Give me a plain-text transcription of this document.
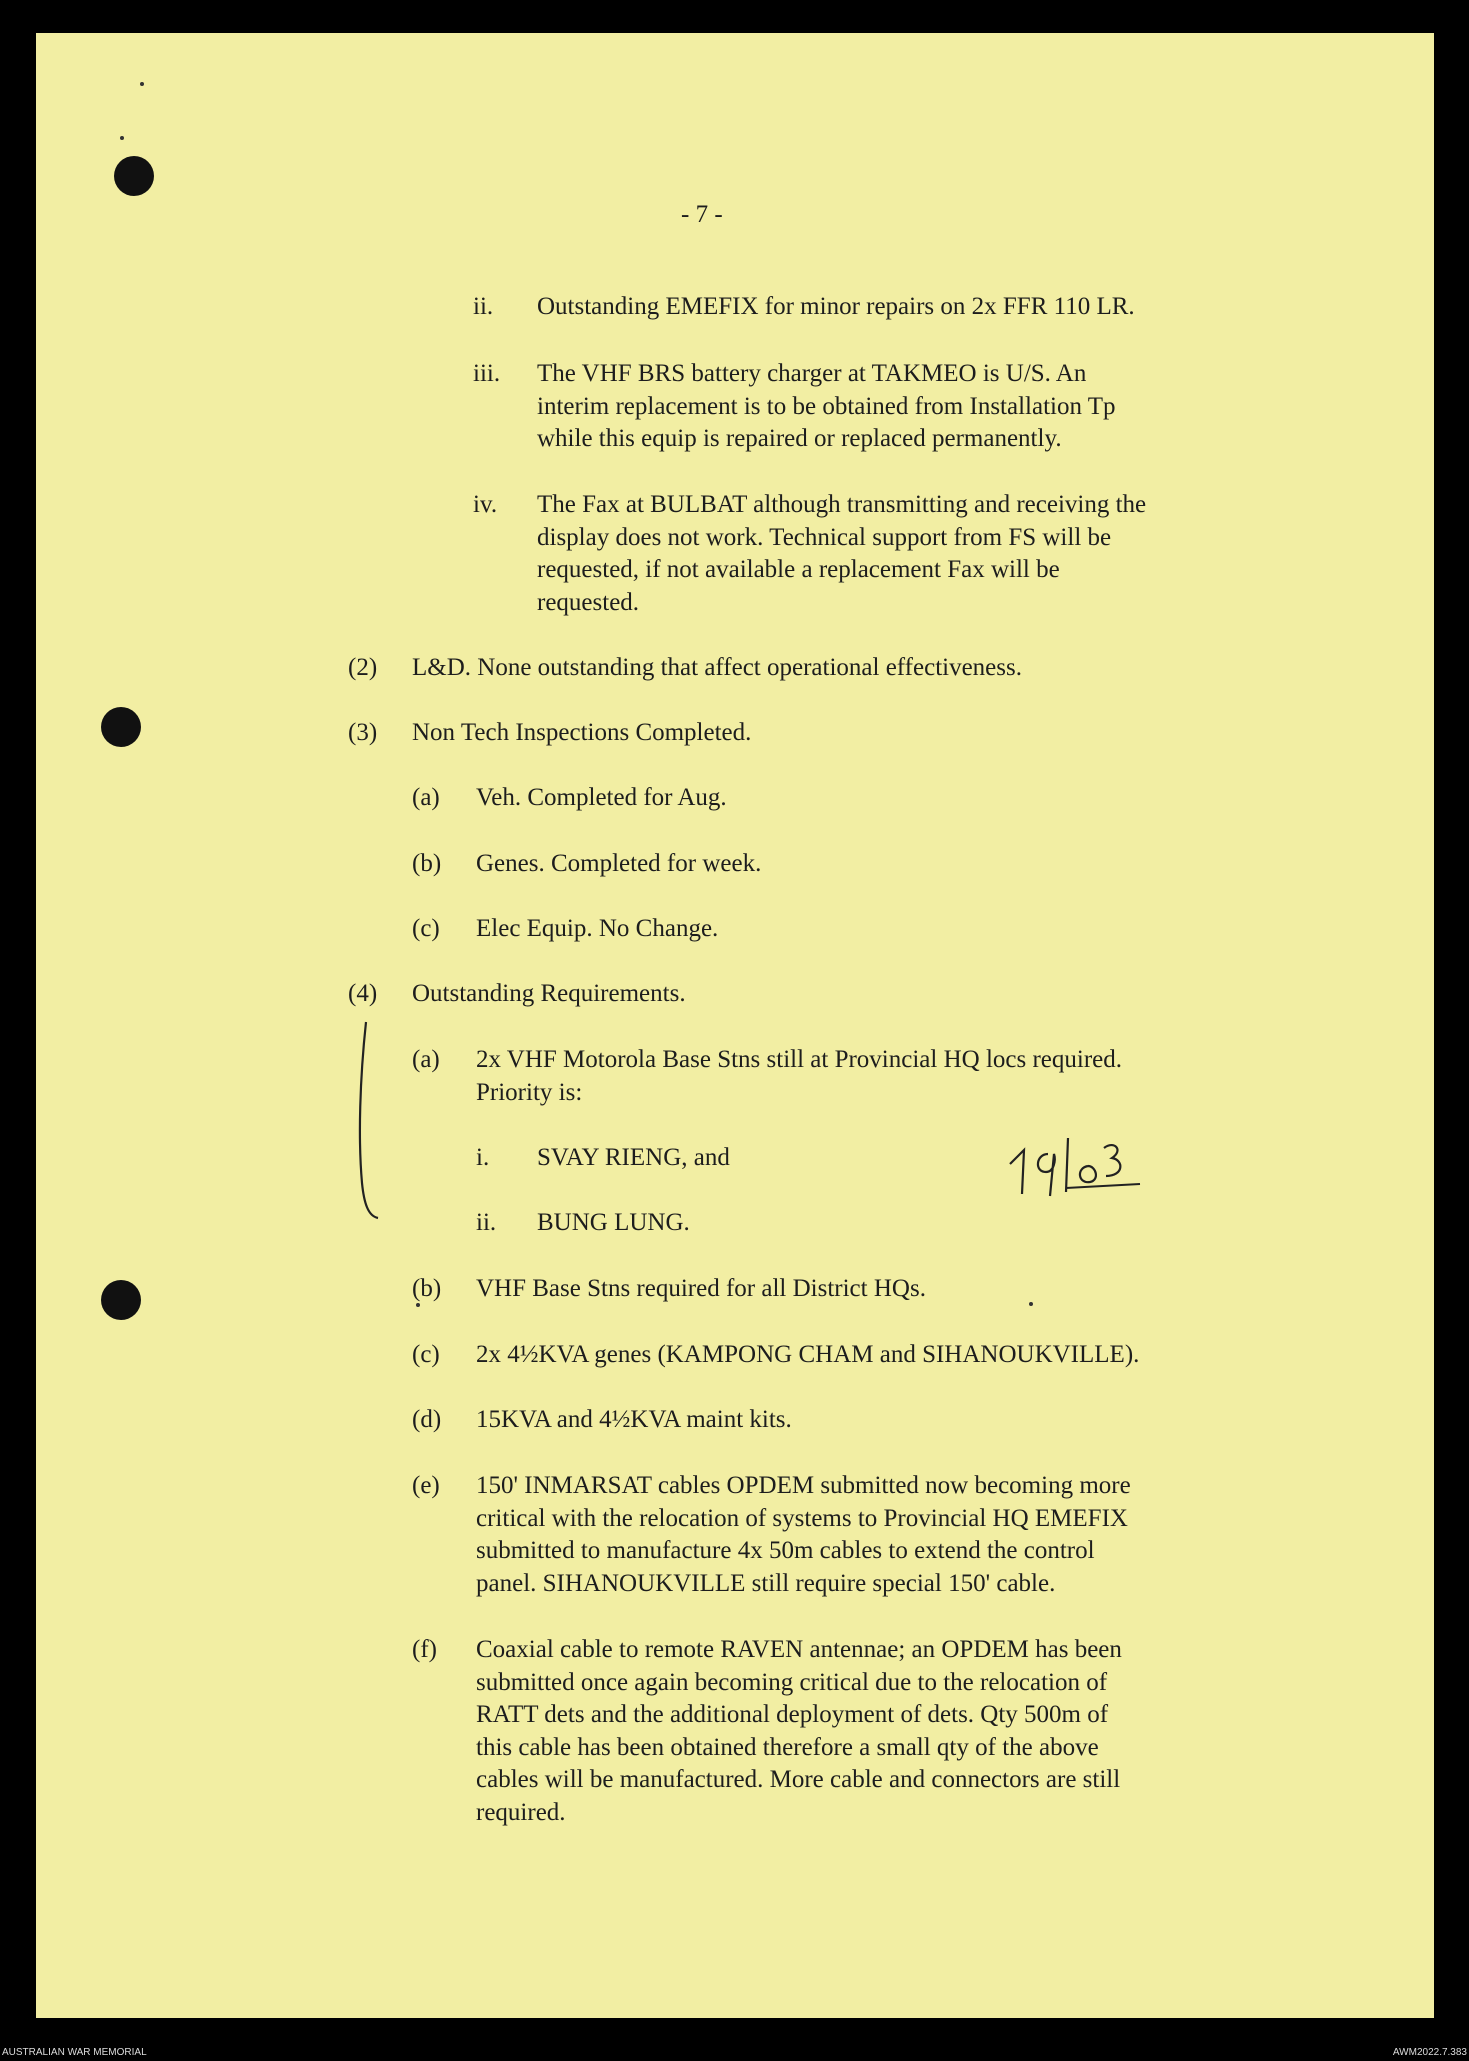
- 7 -
ii. Outstanding EMEFIX for minor repairs on 2x FFR 110 LR.
iii. The VHF BRS battery charger at TAKMEO is U/S. An
interim replacement is to be obtained from Installation Tp
while this equip is repaired or replaced permanently.
iv. The Fax at BULBAT although transmitting and receiving the
display does not work. Technical support from FS will be
requested, if not available a replacement Fax will be
requested.
(2) L&D. None outstanding that affect operational effectiveness.
(3) Non Tech Inspections Completed.
(a) Veh. Completed for Aug.
(b) Genes. Completed for week.
(c) Elec Equip. No Change.
(4) Outstanding Requirements.
(a) 2x VHF Motorola Base Stns still at Provincial HQ locs required.
Priority is:
i. SVAY RIENG, and
ii. BUNG LUNG.
(b) VHF Base Stns required for all District HQs.
(c) 2x 4½KVA genes (KAMPONG CHAM and SIHANOUKVILLE).
(d) 15KVA and 4½KVA maint kits.
(e) 150' INMARSAT cables OPDEM submitted now becoming more
critical with the relocation of systems to Provincial HQ EMEFIX
submitted to manufacture 4x 50m cables to extend the control
panel. SIHANOUKVILLE still require special 150' cable.
(f) Coaxial cable to remote RAVEN antennae; an OPDEM has been
submitted once again becoming critical due to the relocation of
RATT dets and the additional deployment of dets. Qty 500m of
this cable has been obtained therefore a small qty of the above
cables will be manufactured. More cable and connectors are still
required.
19|03
AUSTRALIAN WAR MEMORIAL	AWM2022.7.383
